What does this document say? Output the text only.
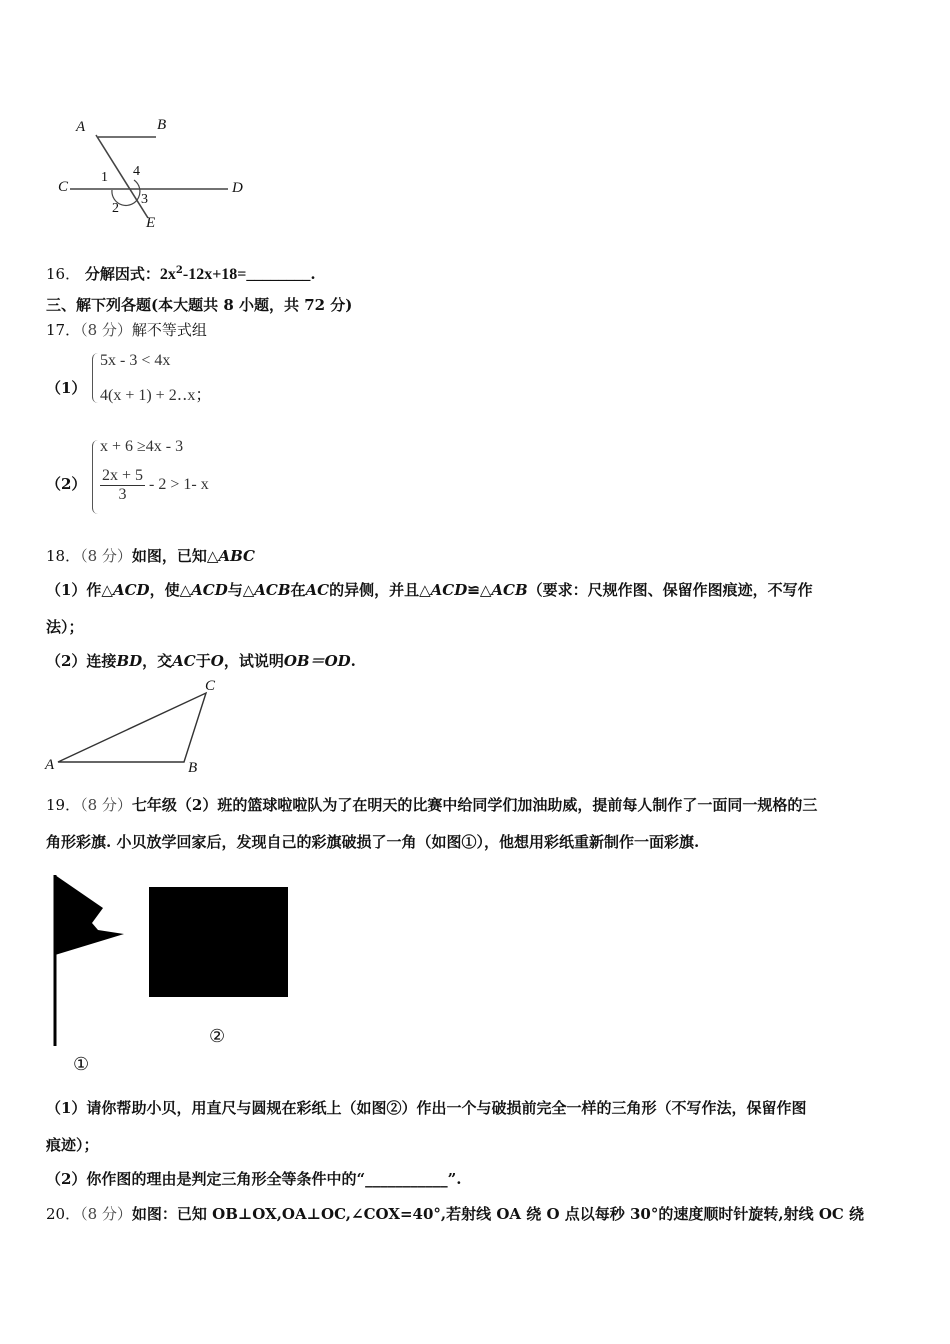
A	B
C	D
E
1
2
3
4
16． 分解因式：$2x^2-12x+18=\_\_\_\_\_\_\_\_$.
三、解下列各题(本大题共 8 小题，共 72 分)
17．（8 分）解不等式组
（1）
5x - 3 < 4x
4(x + 1) + 2‥x；
（2）
x + 6 ≥4x - 3
$\frac{2x + 5}{3} - 2 > 1-$ x
18．（8 分）如图，已知△ABC
（1）作△ACD，使△ACD与△ACB在AC的异侧，并且△ACD≌△ACB（要求：尺规作图、保留作图痕迹，不写作
法）；
（2）连接BD，交AC于O，试说明OB＝OD.
A	B
C
19．（8 分）七年级（2）班的篮球啦啦队为了在明天的比赛中给同学们加油助威，提前每人制作了一面同一规格的三
角形彩旗. 小贝放学回家后，发现自己的彩旗破损了一角（如图①），他想用彩纸重新制作一面彩旗.
①
②
（1）请你帮助小贝，用直尺与圆规在彩纸上（如图②）作出一个与破损前完全一样的三角形（不写作法，保留作图
痕迹）；
（2）你作图的理由是判定三角形全等条件中的“___________”.
20．（8 分）如图：已知 OB⊥OX,OA⊥OC,∠COX=40°,若射线 OA 绕 O 点以每秒 30°的速度顺时针旋转,射线 OC 绕
